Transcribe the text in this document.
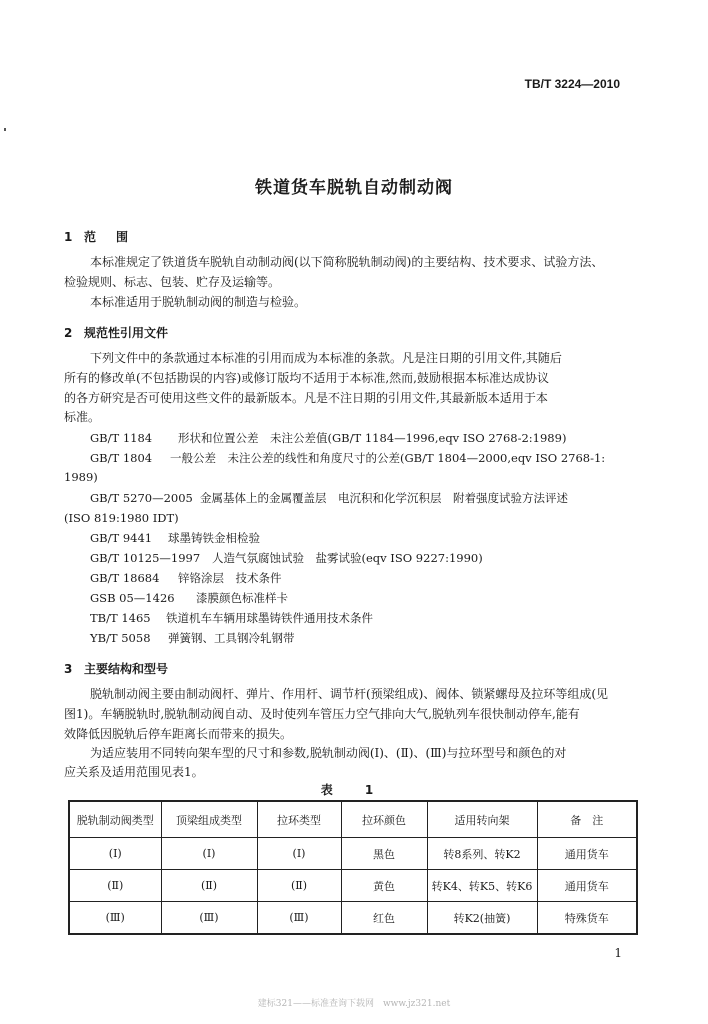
TB/T 3224—2010
铁道货车脱轨自动制动阀
1 范围
本标准规定了铁道货车脱轨自动制动阀(以下简称脱轨制动阀)的主要结构、技术要求、试验方法、
检验规则、标志、包装、贮存及运输等。
本标准适用于脱轨制动阀的制造与检验。
2 规范性引用文件
下列文件中的条款通过本标准的引用而成为本标准的条款。凡是注日期的引用文件,其随后
所有的修改单(不包括勘误的内容)或修订版均不适用于本标准,然而,鼓励根据本标准达成协议
的各方研究是否可使用这些文件的最新版本。凡是不注日期的引用文件,其最新版本适用于本
标准。
GB/T 1184 形状和位置公差　未注公差值(GB/T 1184—1996,eqv ISO 2768-2:1989)
GB/T 1804 一般公差　未注公差的线性和角度尺寸的公差(GB/T 1804—2000,eqv ISO 2768-1:
1989)
GB/T 5270—2005 金属基体上的金属覆盖层　电沉积和化学沉积层　附着强度试验方法评述
(ISO 819:1980 IDT)
GB/T 9441 球墨铸铁金相检验
GB/T 10125—1997 人造气氛腐蚀试验　盐雾试验(eqv ISO 9227:1990)
GB/T 18684 锌铬涂层　技术条件
GSB 05—1426 漆膜颜色标准样卡
TB/T 1465 铁道机车车辆用球墨铸铁件通用技术条件
YB/T 5058 弹簧钢、工具钢冷轧钢带
3 主要结构和型号
脱轨制动阀主要由制动阀杆、弹片、作用杆、调节杆(预梁组成)、阀体、锁紧螺母及拉环等组成(见
图1)。车辆脱轨时,脱轨制动阀自动、及时使列车管压力空气排向大气,脱轨列车很快制动停车,能有
效降低因脱轨后停车距离长而带来的损失。
为适应装用不同转向架车型的尺寸和参数,脱轨制动阀(Ⅰ)、(Ⅱ)、(Ⅲ)与拉环型号和颜色的对
应关系及适用范围见表1。
表 1
脱轨制动阀类型	顶梁组成类型	拉环类型	拉环颜色	适用转向架	备　注
(Ⅰ)	(Ⅰ)	(Ⅰ)	黑色	转8系列、转K2	通用货车
(Ⅱ)	(Ⅱ)	(Ⅱ)	黄色	转K4、转K5、转K6	通用货车
(Ⅲ)	(Ⅲ)	(Ⅲ)	红色	转K2(抽簧)	特殊货车
1
建标321——标准查询下载网　www.jz321.net
